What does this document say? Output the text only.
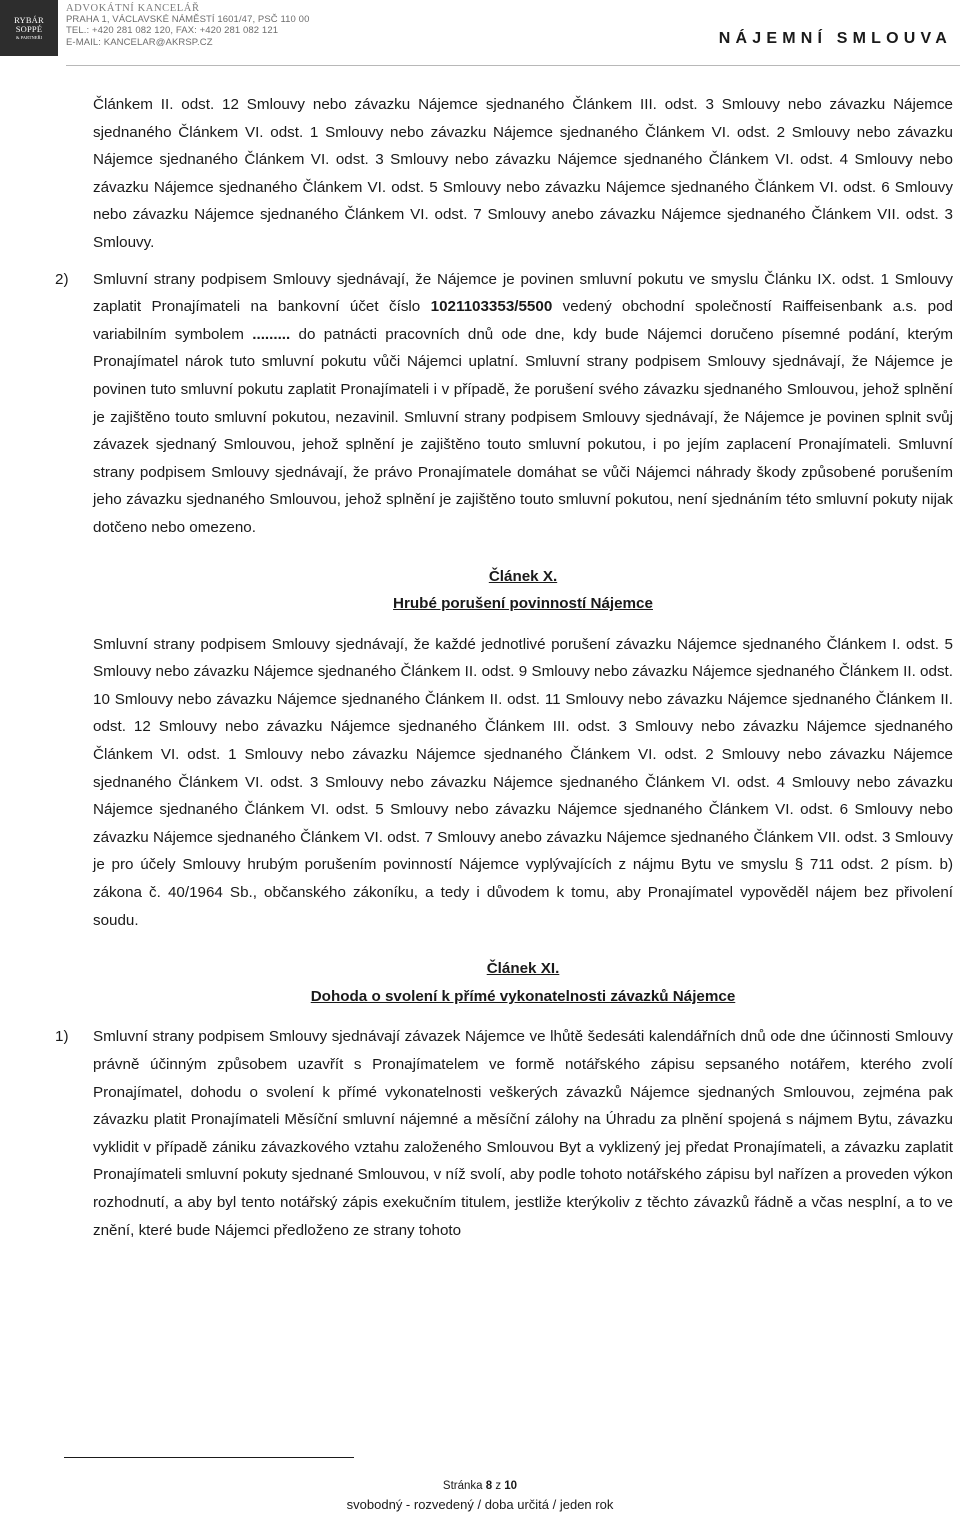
RYBÁR
SOPPÉ
& PARTNEŘI
ADVOKÁTNÍ KANCELÁŘ
PRAHA 1, VÁCLAVSKÉ NÁMĚSTÍ 1601/47, PSČ 110 00
TEL.: +420 281 082 120, FAX: +420 281 082 121
E-MAIL: KANCELAR@AKRSP.CZ	NÁJEMNÍ SMLOUVA

Článkem II. odst. 12 Smlouvy nebo závazku Nájemce sjednaného Článkem III. odst. 3 Smlouvy nebo závazku Nájemce sjednaného Článkem VI. odst. 1 Smlouvy nebo závazku Nájemce sjednaného Článkem VI. odst. 2 Smlouvy nebo závazku Nájemce sjednaného Článkem VI. odst. 3 Smlouvy nebo závazku Nájemce sjednaného Článkem VI. odst. 4 Smlouvy nebo závazku Nájemce sjednaného Článkem VI. odst. 5 Smlouvy nebo závazku Nájemce sjednaného Článkem VI. odst. 6 Smlouvy nebo závazku Nájemce sjednaného Článkem VI. odst. 7 Smlouvy anebo závazku Nájemce sjednaného Článkem VII. odst. 3 Smlouvy.

2) Smluvní strany podpisem Smlouvy sjednávají, že Nájemce je povinen smluvní pokutu ve smyslu Článku IX. odst. 1 Smlouvy zaplatit Pronajímateli na bankovní účet číslo 1021103353/5500 vedený obchodní společností Raiffeisenbank a.s. pod variabilním symbolem ......... do patnácti pracovních dnů ode dne, kdy bude Nájemci doručeno písemné podání, kterým Pronajímatel nárok tuto smluvní pokutu vůči Nájemci uplatní. Smluvní strany podpisem Smlouvy sjednávají, že Nájemce je povinen tuto smluvní pokutu zaplatit Pronajímateli i v případě, že porušení svého závazku sjednaného Smlouvou, jehož splnění je zajištěno touto smluvní pokutou, nezavinil. Smluvní strany podpisem Smlouvy sjednávají, že Nájemce je povinen splnit svůj závazek sjednaný Smlouvou, jehož splnění je zajištěno touto smluvní pokutou, i po jejím zaplacení Pronajímateli. Smluvní strany podpisem Smlouvy sjednávají, že právo Pronajímatele domáhat se vůči Nájemci náhrady škody způsobené porušením jeho závazku sjednaného Smlouvou, jehož splnění je zajištěno touto smluvní pokutou, není sjednáním této smluvní pokuty nijak dotčeno nebo omezeno.

Článek X.
Hrubé porušení povinností Nájemce

Smluvní strany podpisem Smlouvy sjednávají, že každé jednotlivé porušení závazku Nájemce sjednaného Článkem I. odst. 5 Smlouvy nebo závazku Nájemce sjednaného Článkem II. odst. 9 Smlouvy nebo závazku Nájemce sjednaného Článkem II. odst. 10 Smlouvy nebo závazku Nájemce sjednaného Článkem II. odst. 11 Smlouvy nebo závazku Nájemce sjednaného Článkem II. odst. 12 Smlouvy nebo závazku Nájemce sjednaného Článkem III. odst. 3 Smlouvy nebo závazku Nájemce sjednaného Článkem VI. odst. 1 Smlouvy nebo závazku Nájemce sjednaného Článkem VI. odst. 2 Smlouvy nebo závazku Nájemce sjednaného Článkem VI. odst. 3 Smlouvy nebo závazku Nájemce sjednaného Článkem VI. odst. 4 Smlouvy nebo závazku Nájemce sjednaného Článkem VI. odst. 5 Smlouvy nebo závazku Nájemce sjednaného Článkem VI. odst. 6 Smlouvy nebo závazku Nájemce sjednaného Článkem VI. odst. 7 Smlouvy anebo závazku Nájemce sjednaného Článkem VII. odst. 3 Smlouvy je pro účely Smlouvy hrubým porušením povinností Nájemce vyplývajících z nájmu Bytu ve smyslu § 711 odst. 2 písm. b) zákona č. 40/1964 Sb., občanského zákoníku, a tedy i důvodem k tomu, aby Pronajímatel vypověděl nájem bez přivolení soudu.

Článek XI.
Dohoda o svolení k přímé vykonatelnosti závazků Nájemce

1) Smluvní strany podpisem Smlouvy sjednávají závazek Nájemce ve lhůtě šedesáti kalendářních dnů ode dne účinnosti Smlouvy právně účinným způsobem uzavřít s Pronajímatelem ve formě notářského zápisu sepsaného notářem, kterého zvolí Pronajímatel, dohodu o svolení k přímé vykonatelnosti veškerých závazků Nájemce sjednaných Smlouvou, zejména pak závazku platit Pronajímateli Měsíční smluvní nájemné a měsíční zálohy na Úhradu za plnění spojená s nájmem Bytu, závazku vyklidit v případě zániku závazkového vztahu založeného Smlouvou Byt a vyklizený jej předat Pronajímateli, a závazku zaplatit Pronajímateli smluvní pokuty sjednané Smlouvou, v níž svolí, aby podle tohoto notářského zápisu byl nařízen a proveden výkon rozhodnutí, a aby byl tento notářský zápis exekučním titulem, jestliže kterýkoliv z těchto závazků řádně a včas nesplní, a to ve znění, které bude Nájemci předloženo ze strany tohoto

Stránka 8 z 10
svobodný - rozvedený / doba určitá / jeden rok
